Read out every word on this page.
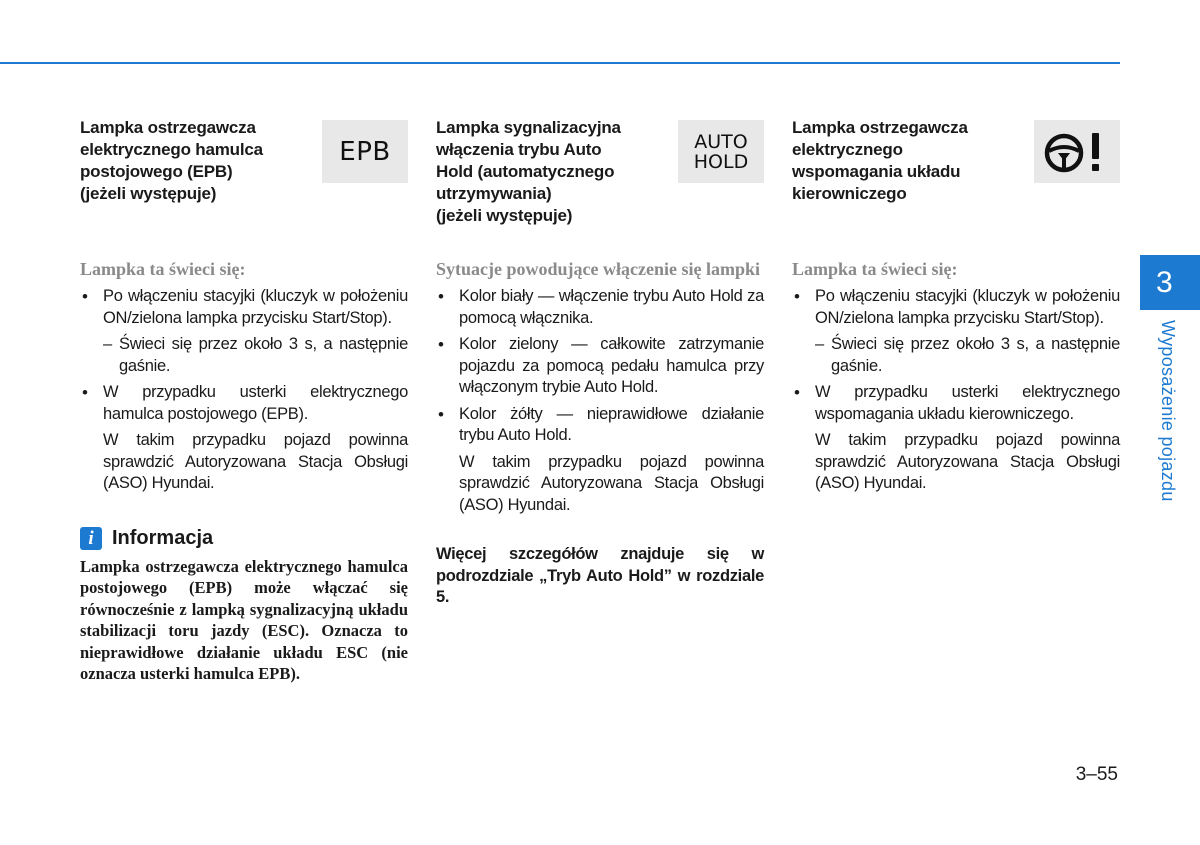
Lampka ostrzegawcza
elektrycznego hamulca
postojowego (EPB)
(jeżeli występuje)

EPB

Lampka ta świeci się:

• Po włączeniu stacyjki (kluczyk w położeniu ON/zielona lampka przycisku Start/Stop).

– Świeci się przez około 3 s, a następnie gaśnie.

• W przypadku usterki elektrycznego hamulca postojowego (EPB).

W takim przypadku pojazd powinna sprawdzić Autoryzowana Stacja Obsługi (ASO) Hyundai.

i Informacja

Lampka ostrzegawcza elektrycznego hamulca postojowego (EPB) może włączać się równocześnie z lampką sygnalizacyjną układu stabilizacji toru jazdy (ESC). Oznacza to nieprawidłowe działanie układu ESC (nie oznacza usterki hamulca EPB).

Lampka sygnalizacyjna
włączenia trybu Auto
Hold (automatycznego
utrzymywania)
(jeżeli występuje)

AUTO
HOLD

Sytuacje powodujące włączenie się lampki

• Kolor biały — włączenie trybu Auto Hold za pomocą włącznika.

• Kolor zielony — całkowite zatrzymanie pojazdu za pomocą pedału hamulca przy włączonym trybie Auto Hold.

• Kolor żółty — nieprawidłowe działanie trybu Auto Hold.

W takim przypadku pojazd powinna sprawdzić Autoryzowana Stacja Obsługi (ASO) Hyundai.

Więcej szczegółów znajduje się w podrozdziale „Tryb Auto Hold” w rozdziale 5.

Lampka ostrzegawcza
elektrycznego
wspomagania układu
kierowniczego

Lampka ta świeci się:

• Po włączeniu stacyjki (kluczyk w położeniu ON/zielona lampka przycisku Start/Stop).

– Świeci się przez około 3 s, a następnie gaśnie.

• W przypadku usterki elektrycznego wspomagania układu kierowniczego.

W takim przypadku pojazd powinna sprawdzić Autoryzowana Stacja Obsługi (ASO) Hyundai.

3
Wyposażenie pojazdu
3–55
